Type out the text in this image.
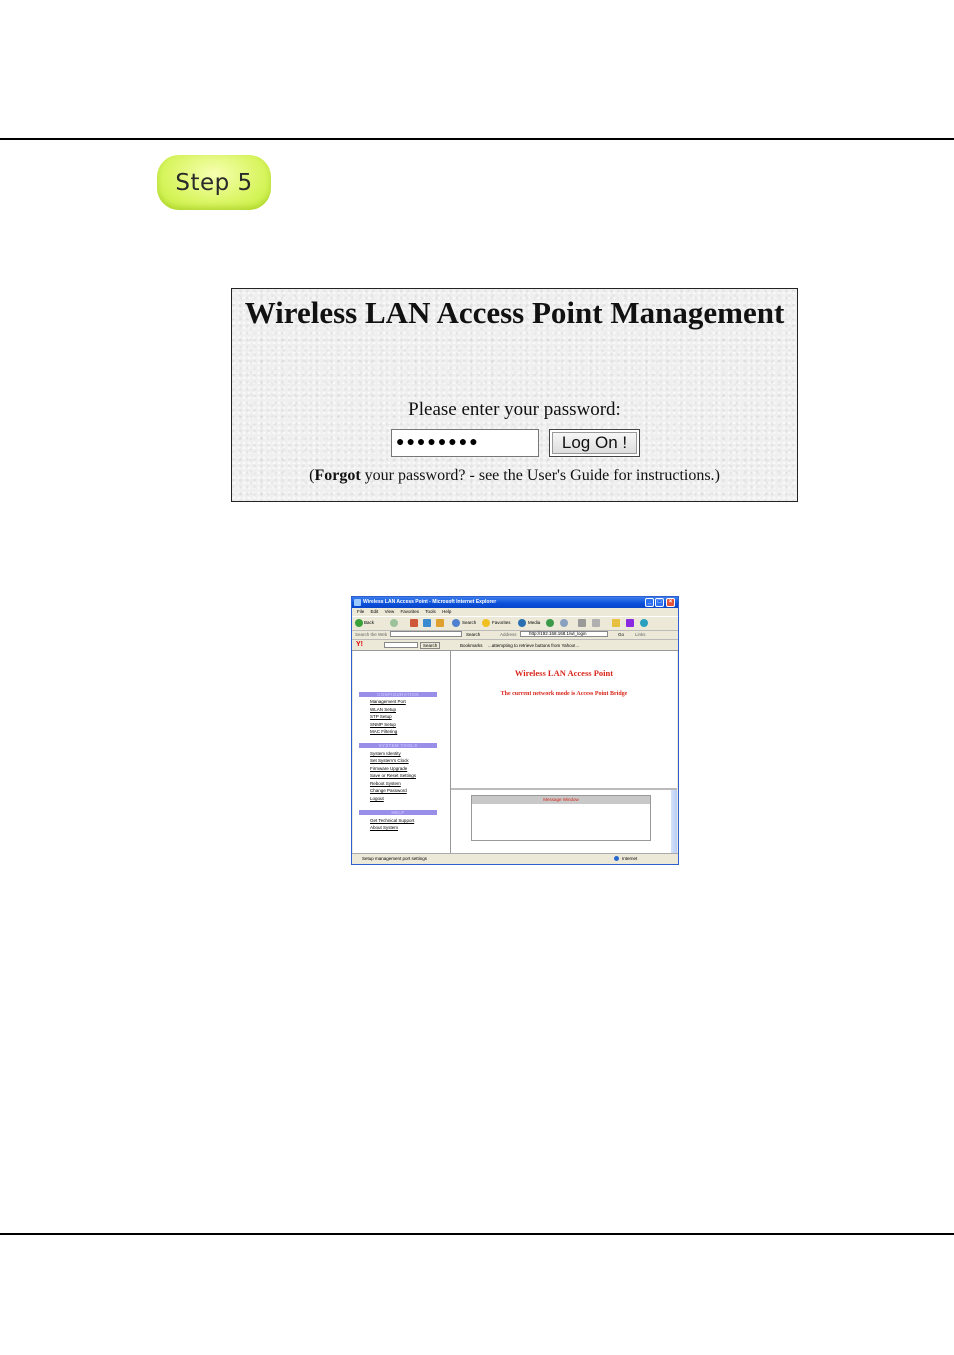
Step 5
Wireless LAN Access Point Management
Please enter your password:
●●●●●●●●	Log On !
(Forgot your password? - see the User's Guide for instructions.)
Wireless LAN Access Point - Microsoft Internet Explorer	_	□	×
File Edit View Favorites Tools Help
Back	Search	Favorites	Media
Search the Web	Search	Address	http://192.168.168.1/wl_login	Go Links
Y!	Search	Bookmarks ...attempting to retrieve buttons from Yahoo!...
CONFIGURATION
Management Port
WLAN Setup
STP Setup
SNMP Setup
MAC Filtering
SYSTEM TOOLS
System Identity
Set System's Clock
Firmware Upgrade
Save or Reset Settings
Reboot System
Change Password
Logout
HELP
Get Technical Support
About System
Wireless LAN Access Point
The current network mode is Access Point Bridge
Message Window
Setup management port settings	Internet
